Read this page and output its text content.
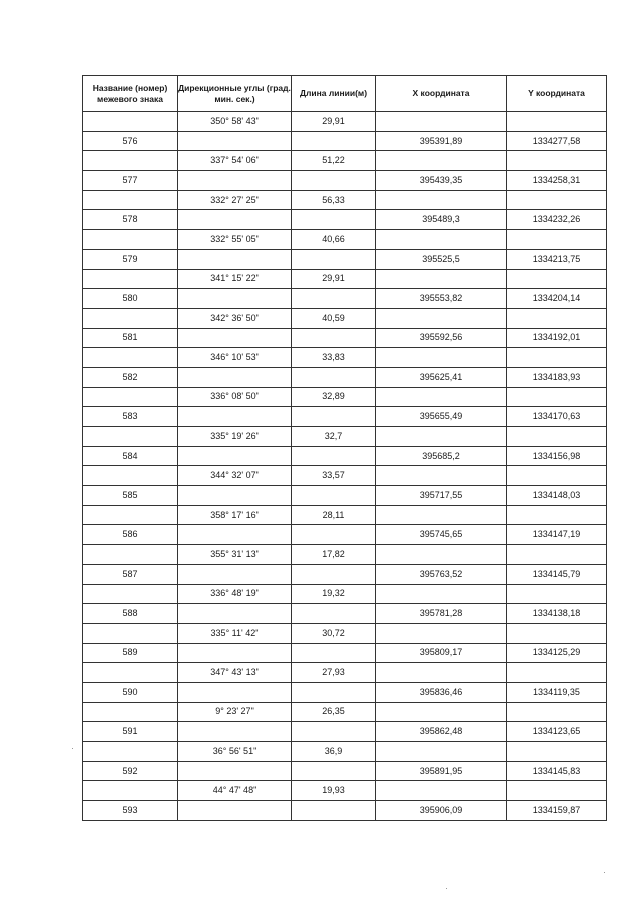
Название (номер) межевого знака	Дирекционные углы (град. мин. сек.)	Длина линии(м)	X координата	Y координата
	350° 58' 43"	29,91		
576			395391,89	1334277,58
	337° 54' 06"	51,22		
577			395439,35	1334258,31
	332° 27' 25"	56,33		
578			395489,3	1334232,26
	332° 55' 05"	40,66		
579			395525,5	1334213,75
	341° 15' 22"	29,91		
580			395553,82	1334204,14
	342° 36' 50"	40,59		
581			395592,56	1334192,01
	346° 10' 53"	33,83		
582			395625,41	1334183,93
	336° 08' 50"	32,89		
583			395655,49	1334170,63
	335° 19' 26"	32,7		
584			395685,2	1334156,98
	344° 32' 07"	33,57		
585			395717,55	1334148,03
	358° 17' 16"	28,11		
586			395745,65	1334147,19
	355° 31' 13"	17,82		
587			395763,52	1334145,79
	336° 48' 19"	19,32		
588			395781,28	1334138,18
	335° 11' 42"	30,72		
589			395809,17	1334125,29
	347° 43' 13"	27,93		
590			395836,46	1334119,35
	9° 23' 27"	26,35		
591			395862,48	1334123,65
	36° 56' 51"	36,9		
592			395891,95	1334145,83
	44° 47' 48"	19,93		
593			395906,09	1334159,87
